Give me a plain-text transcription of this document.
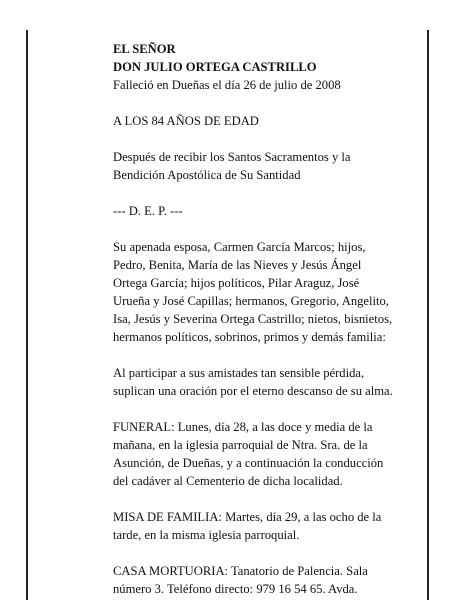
EL SEÑOR

DON JULIO ORTEGA CASTRILLO

Falleció en Dueñas el día 26 de julio de 2008

A LOS 84 AÑOS DE EDAD
Después de recibir los Santos Sacramentos y la
Bendición Apostólica de Su Santidad
--- D. E. P. ---
Su apenada esposa, Carmen García Marcos; hijos,
Pedro, Benita, María de las Nieves y Jesús Ángel
Ortega García; hijos políticos, Pilar Araguz, José
Urueña y José Capillas; hermanos, Gregorio, Angelito,
Isa, Jesús y Severina Ortega Castrillo; nietos, bisnietos,
hermanos políticos, sobrinos, primos y demás familia:
Al participar a sus amistades tan sensible pérdida,
suplican una oración por el eterno descanso de su alma.
FUNERAL: Lunes, día 28, a las doce y media de la
mañana, en la iglesia parroquial de Ntra. Sra. de la
Asunción, de Dueñas, y a continuación la conducción
del cadáver al Cementerio de dicha localidad.
MISA DE FAMILIA: Martes, día 29, a las ocho de la
tarde, en la misma iglesia parroquial.
CASA MORTUORIA: Tanatorio de Palencia. Sala
número 3. Teléfono directo: 979 16 54 65. Avda.
